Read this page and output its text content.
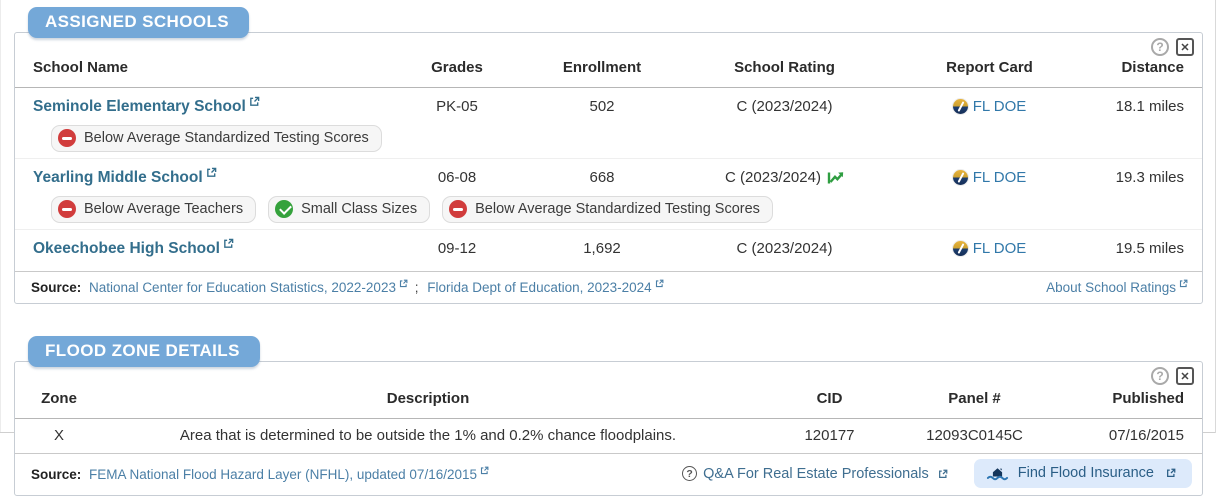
ASSIGNED SCHOOLS
?	✕
School Name	Grades	Enrollment	School Rating	Report Card	Distance
Seminole Elementary School	PK-05	502	C (2023/2024)	FL DOE	18.1 miles
Below Average Standardized Testing Scores
Yearling Middle School	06-08	668	C (2023/2024)	FL DOE	19.3 miles
Below Average Teachers	Small Class Sizes	Below Average Standardized Testing Scores
Okeechobee High School	09-12	1,692	C (2023/2024)	FL DOE	19.5 miles
Source: National Center for Education Statistics, 2022-2023 ; Florida Dept of Education, 2023-2024	About School Ratings
FLOOD ZONE DETAILS
?	✕
Zone	Description	CID	Panel #	Published
X	Area that is determined to be outside the 1% and 0.2% chance floodplains.	120177	12093C0145C	07/16/2015
Source: FEMA National Flood Hazard Layer (NFHL), updated 07/16/2015	? Q&A For Real Estate Professionals	Find Flood Insurance
